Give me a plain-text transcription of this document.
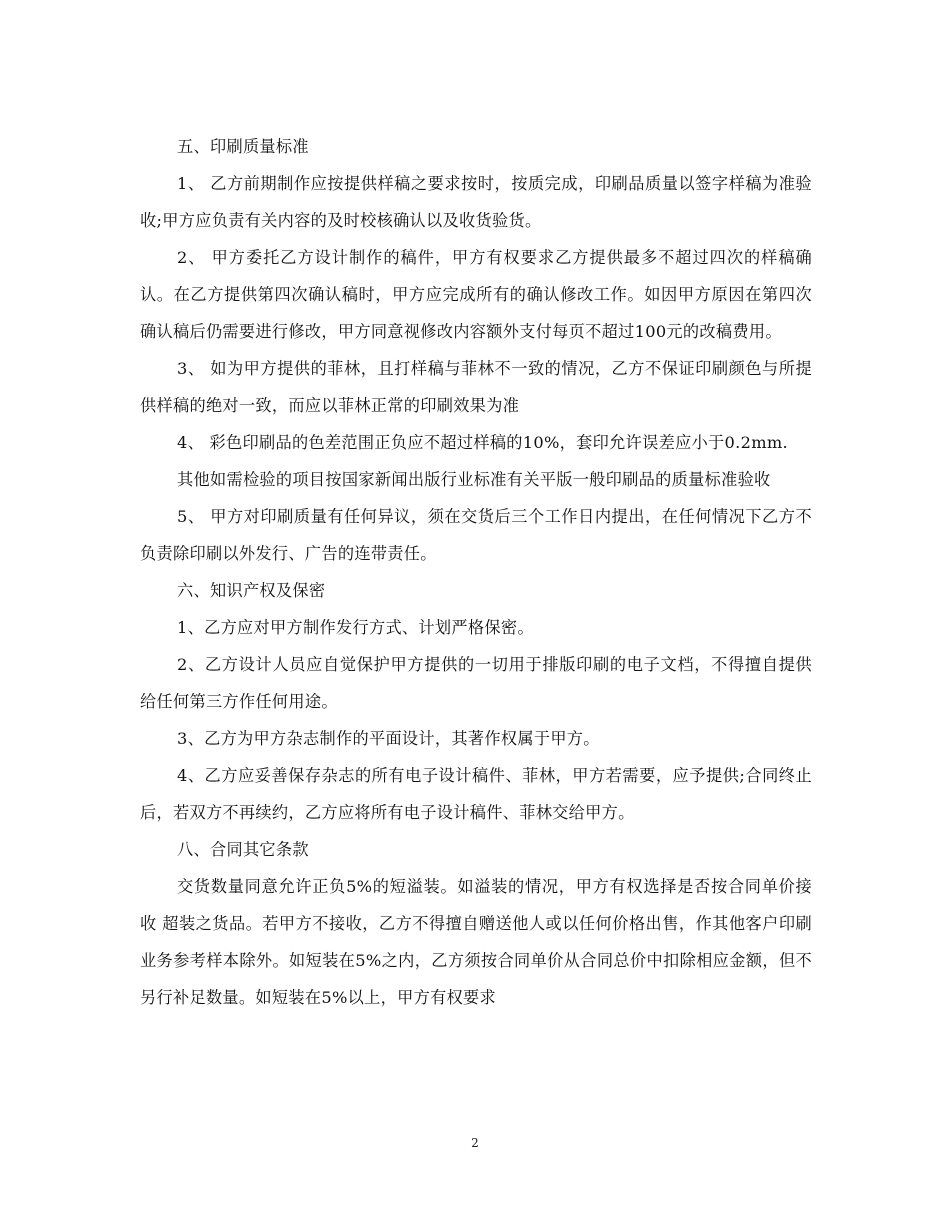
五、印刷质量标准

1、 乙方前期制作应按提供样稿之要求按时，按质完成，印刷品质量以签字样稿为准验收;甲方应负责有关内容的及时校核确认以及收货验货。

2、 甲方委托乙方设计制作的稿件，甲方有权要求乙方提供最多不超过四次的样稿确认。在乙方提供第四次确认稿时，甲方应完成所有的确认修改工作。如因甲方原因在第四次确认稿后仍需要进行修改，甲方同意视修改内容额外支付每页不超过100元的改稿费用。

3、 如为甲方提供的菲林，且打样稿与菲林不一致的情况，乙方不保证印刷颜色与所提供样稿的绝对一致，而应以菲林正常的印刷效果为准

4、 彩色印刷品的色差范围正负应不超过样稿的10%，套印允许误差应小于0.2mm.

其他如需检验的项目按国家新闻出版行业标准有关平版一般印刷品的质量标准验收

5、 甲方对印刷质量有任何异议，须在交货后三个工作日内提出，在任何情况下乙方不负责除印刷以外发行、广告的连带责任。

六、知识产权及保密

1、乙方应对甲方制作发行方式、计划严格保密。

2、乙方设计人员应自觉保护甲方提供的一切用于排版印刷的电子文档，不得擅自提供给任何第三方作任何用途。

3、乙方为甲方杂志制作的平面设计，其著作权属于甲方。

4、乙方应妥善保存杂志的所有电子设计稿件、菲林，甲方若需要，应予提供;合同终止后，若双方不再续约，乙方应将所有电子设计稿件、菲林交给甲方。

八、合同其它条款

交货数量同意允许正负5%的短溢装。如溢装的情况，甲方有权选择是否按合同单价接收 超装之货品。若甲方不接收，乙方不得擅自赠送他人或以任何价格出售，作其他客户印刷业务参考样本除外。如短装在5%之内，乙方须按合同单价从合同总价中扣除相应金额，但不另行补足数量。如短装在5%以上，甲方有权要求

2
